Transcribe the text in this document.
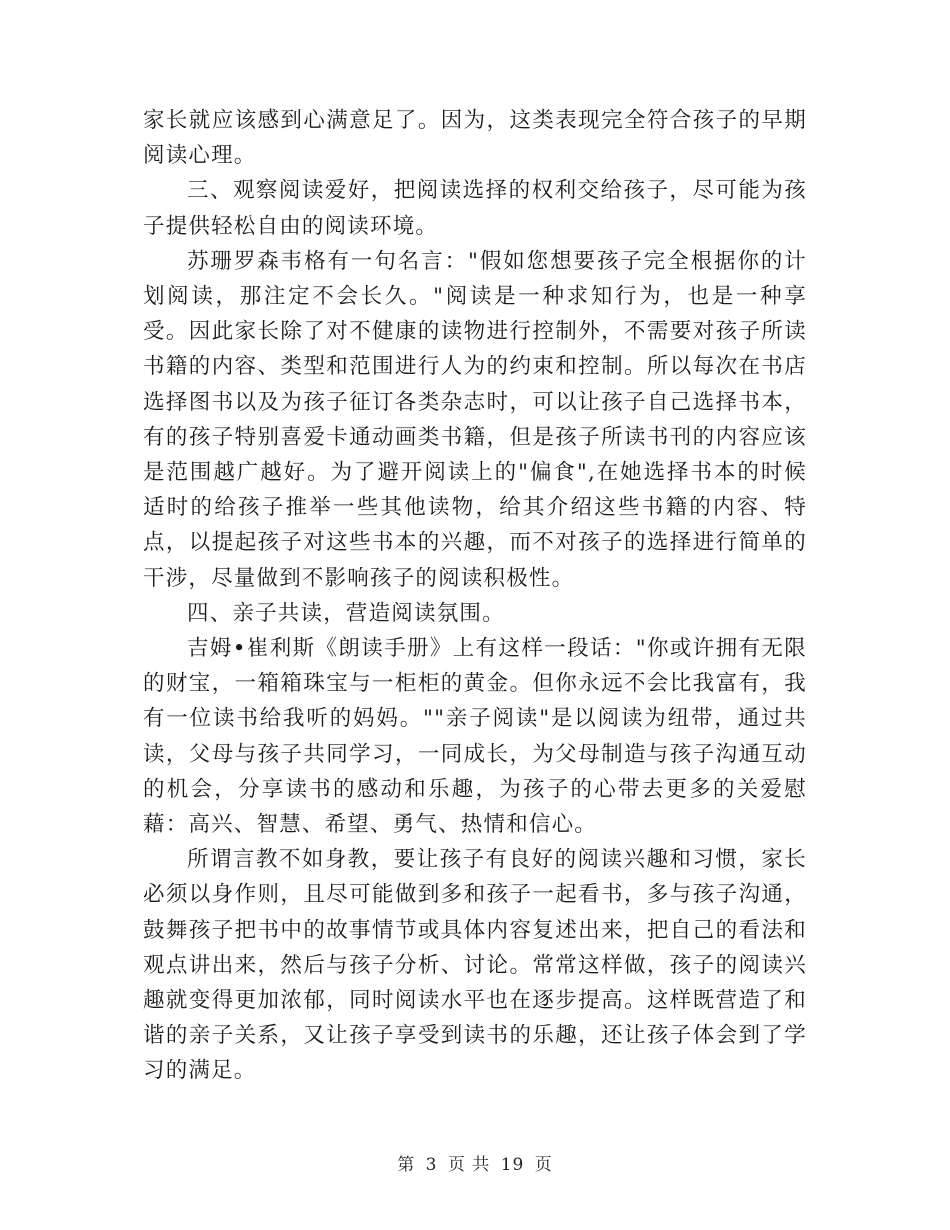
家长就应该感到心满意足了。因为，这类表现完全符合孩子的早期阅读心理。

三、观察阅读爱好，把阅读选择的权利交给孩子，尽可能为孩子提供轻松自由的阅读环境。

苏珊罗森韦格有一句名言："假如您想要孩子完全根据你的计划阅读，那注定不会长久。"阅读是一种求知行为，也是一种享受。因此家长除了对不健康的读物进行控制外，不需要对孩子所读书籍的内容、类型和范围进行人为的约束和控制。所以每次在书店选择图书以及为孩子征订各类杂志时，可以让孩子自己选择书本，有的孩子特别喜爱卡通动画类书籍，但是孩子所读书刊的内容应该是范围越广越好。为了避开阅读上的"偏食",在她选择书本的时候适时的给孩子推举一些其他读物，给其介绍这些书籍的内容、特点，以提起孩子对这些书本的兴趣，而不对孩子的选择进行简单的干涉，尽量做到不影响孩子的阅读积极性。

四、亲子共读，营造阅读氛围。

吉姆•崔利斯《朗读手册》上有这样一段话："你或许拥有无限的财宝，一箱箱珠宝与一柜柜的黄金。但你永远不会比我富有，我有一位读书给我听的妈妈。""亲子阅读"是以阅读为纽带，通过共读，父母与孩子共同学习，一同成长，为父母制造与孩子沟通互动的机会，分享读书的感动和乐趣，为孩子的心带去更多的关爱慰藉：高兴、智慧、希望、勇气、热情和信心。

所谓言教不如身教，要让孩子有良好的阅读兴趣和习惯，家长必须以身作则，且尽可能做到多和孩子一起看书，多与孩子沟通，鼓舞孩子把书中的故事情节或具体内容复述出来，把自己的看法和观点讲出来，然后与孩子分析、讨论。常常这样做，孩子的阅读兴趣就变得更加浓郁，同时阅读水平也在逐步提高。这样既营造了和谐的亲子关系，又让孩子享受到读书的乐趣，还让孩子体会到了学习的满足。

第 3 页 共 19 页
